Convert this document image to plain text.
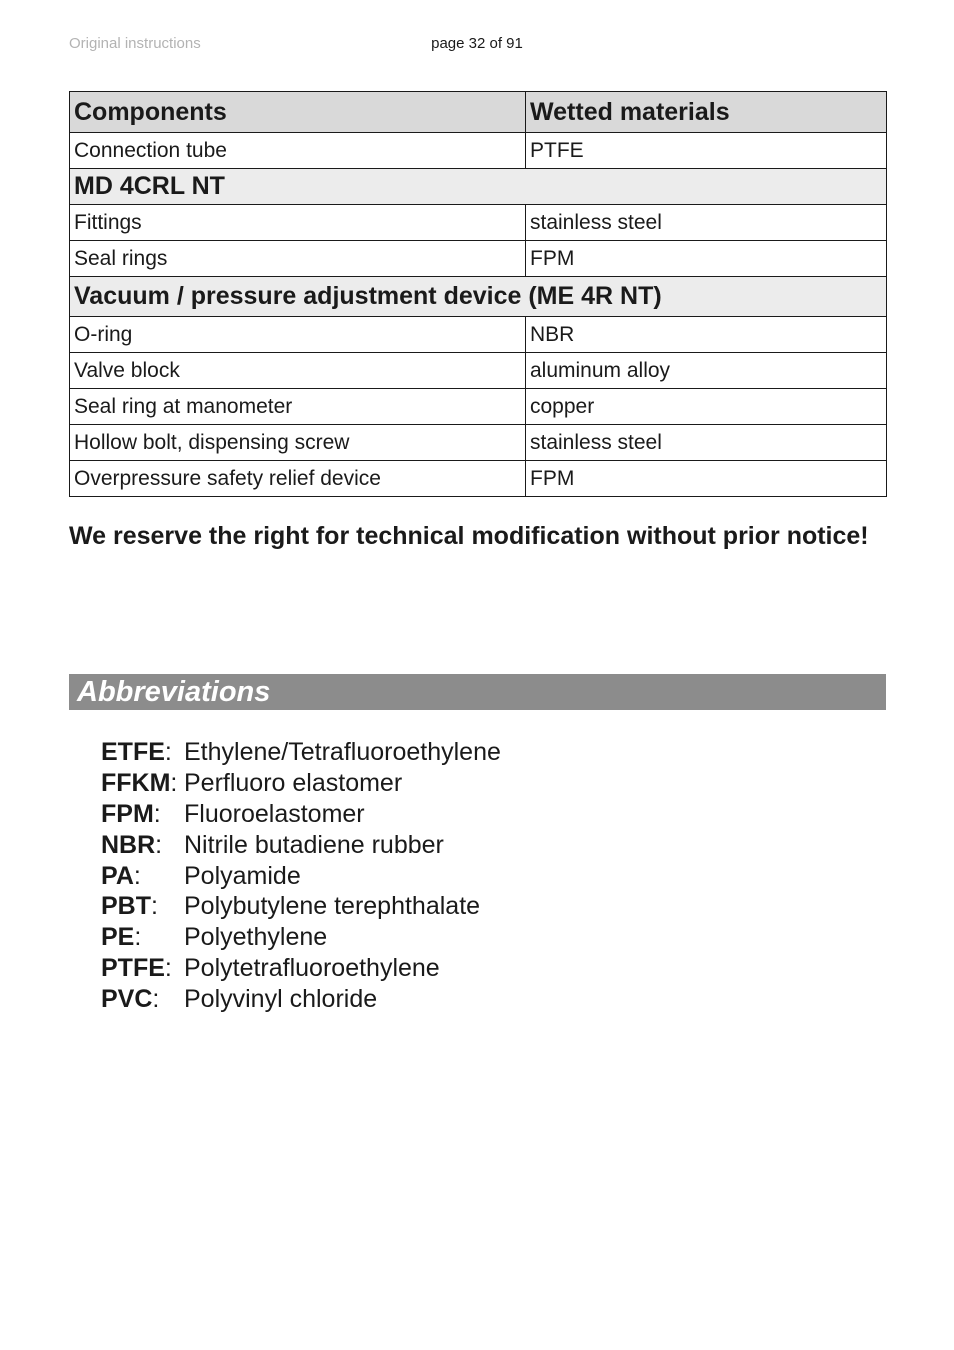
Original instructions	page 32 of 91
Components	Wetted materials
Connection tube	PTFE
MD 4CRL NT	
Fittings	stainless steel
Seal rings	FPM
Vacuum / pressure adjustment device (ME 4R NT)	
O-ring	NBR
Valve block	aluminum alloy
Seal ring at manometer	copper
Hollow bolt, dispensing screw	stainless steel
Overpressure safety relief device	FPM
We reserve the right for technical modification without prior notice!
Abbreviations
ETFE: Ethylene/Tetrafluoroethylene
FFKM: Perfluoro elastomer
FPM: Fluoroelastomer
NBR: Nitrile butadiene rubber
PA: Polyamide
PBT: Polybutylene terephthalate
PE: Polyethylene
PTFE: Polytetrafluoroethylene
PVC: Polyvinyl chloride
